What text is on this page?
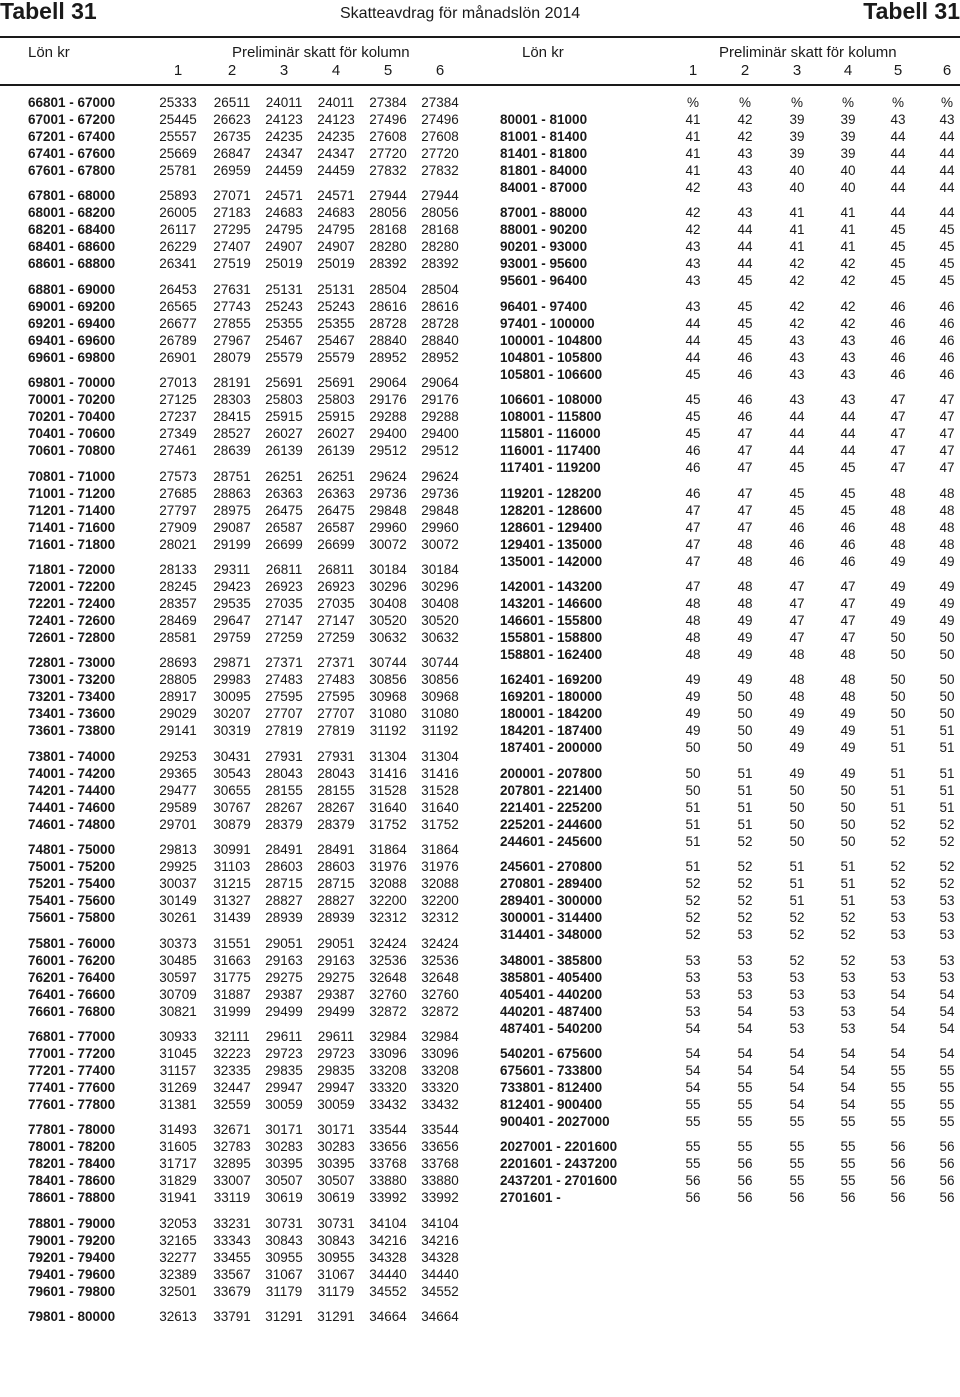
Tabell 31	Skatteavdrag för månadslön 2014	Tabell 31
Lön kr	Preliminär skatt för kolumn
1	2	3	4	5	6
Lön kr	Preliminär skatt för kolumn
1	2	3	4	5	6
66801 - 67000	25333	26511	24011	24011	27384	27384
67001 - 67200	25445	26623	24123	24123	27496	27496
67201 - 67400	25557	26735	24235	24235	27608	27608
67401 - 67600	25669	26847	24347	24347	27720	27720
67601 - 67800	25781	26959	24459	24459	27832	27832
67801 - 68000	25893	27071	24571	24571	27944	27944
68001 - 68200	26005	27183	24683	24683	28056	28056
68201 - 68400	26117	27295	24795	24795	28168	28168
68401 - 68600	26229	27407	24907	24907	28280	28280
68601 - 68800	26341	27519	25019	25019	28392	28392
68801 - 69000	26453	27631	25131	25131	28504	28504
69001 - 69200	26565	27743	25243	25243	28616	28616
69201 - 69400	26677	27855	25355	25355	28728	28728
69401 - 69600	26789	27967	25467	25467	28840	28840
69601 - 69800	26901	28079	25579	25579	28952	28952
69801 - 70000	27013	28191	25691	25691	29064	29064
70001 - 70200	27125	28303	25803	25803	29176	29176
70201 - 70400	27237	28415	25915	25915	29288	29288
70401 - 70600	27349	28527	26027	26027	29400	29400
70601 - 70800	27461	28639	26139	26139	29512	29512
70801 - 71000	27573	28751	26251	26251	29624	29624
71001 - 71200	27685	28863	26363	26363	29736	29736
71201 - 71400	27797	28975	26475	26475	29848	29848
71401 - 71600	27909	29087	26587	26587	29960	29960
71601 - 71800	28021	29199	26699	26699	30072	30072
71801 - 72000	28133	29311	26811	26811	30184	30184
72001 - 72200	28245	29423	26923	26923	30296	30296
72201 - 72400	28357	29535	27035	27035	30408	30408
72401 - 72600	28469	29647	27147	27147	30520	30520
72601 - 72800	28581	29759	27259	27259	30632	30632
72801 - 73000	28693	29871	27371	27371	30744	30744
73001 - 73200	28805	29983	27483	27483	30856	30856
73201 - 73400	28917	30095	27595	27595	30968	30968
73401 - 73600	29029	30207	27707	27707	31080	31080
73601 - 73800	29141	30319	27819	27819	31192	31192
73801 - 74000	29253	30431	27931	27931	31304	31304
74001 - 74200	29365	30543	28043	28043	31416	31416
74201 - 74400	29477	30655	28155	28155	31528	31528
74401 - 74600	29589	30767	28267	28267	31640	31640
74601 - 74800	29701	30879	28379	28379	31752	31752
74801 - 75000	29813	30991	28491	28491	31864	31864
75001 - 75200	29925	31103	28603	28603	31976	31976
75201 - 75400	30037	31215	28715	28715	32088	32088
75401 - 75600	30149	31327	28827	28827	32200	32200
75601 - 75800	30261	31439	28939	28939	32312	32312
75801 - 76000	30373	31551	29051	29051	32424	32424
76001 - 76200	30485	31663	29163	29163	32536	32536
76201 - 76400	30597	31775	29275	29275	32648	32648
76401 - 76600	30709	31887	29387	29387	32760	32760
76601 - 76800	30821	31999	29499	29499	32872	32872
76801 - 77000	30933	32111	29611	29611	32984	32984
77001 - 77200	31045	32223	29723	29723	33096	33096
77201 - 77400	31157	32335	29835	29835	33208	33208
77401 - 77600	31269	32447	29947	29947	33320	33320
77601 - 77800	31381	32559	30059	30059	33432	33432
77801 - 78000	31493	32671	30171	30171	33544	33544
78001 - 78200	31605	32783	30283	30283	33656	33656
78201 - 78400	31717	32895	30395	30395	33768	33768
78401 - 78600	31829	33007	30507	30507	33880	33880
78601 - 78800	31941	33119	30619	30619	33992	33992
78801 - 79000	32053	33231	30731	30731	34104	34104
79001 - 79200	32165	33343	30843	30843	34216	34216
79201 - 79400	32277	33455	30955	30955	34328	34328
79401 - 79600	32389	33567	31067	31067	34440	34440
79601 - 79800	32501	33679	31179	31179	34552	34552
79801 - 80000	32613	33791	31291	31291	34664	34664
%	%	%	%	%	%
80001 - 81000	41	42	39	39	43	43
81001 - 81400	41	42	39	39	44	44
81401 - 81800	41	43	39	39	44	44
81801 - 84000	41	43	40	40	44	44
84001 - 87000	42	43	40	40	44	44
87001 - 88000	42	43	41	41	44	44
88001 - 90200	42	44	41	41	45	45
90201 - 93000	43	44	41	41	45	45
93001 - 95600	43	44	42	42	45	45
95601 - 96400	43	45	42	42	45	45
96401 - 97400	43	45	42	42	46	46
97401 - 100000	44	45	42	42	46	46
100001 - 104800	44	45	43	43	46	46
104801 - 105800	44	46	43	43	46	46
105801 - 106600	45	46	43	43	46	46
106601 - 108000	45	46	43	43	47	47
108001 - 115800	45	46	44	44	47	47
115801 - 116000	45	47	44	44	47	47
116001 - 117400	46	47	44	44	47	47
117401 - 119200	46	47	45	45	47	47
119201 - 128200	46	47	45	45	48	48
128201 - 128600	47	47	45	45	48	48
128601 - 129400	47	47	46	46	48	48
129401 - 135000	47	48	46	46	48	48
135001 - 142000	47	48	46	46	49	49
142001 - 143200	47	48	47	47	49	49
143201 - 146600	48	48	47	47	49	49
146601 - 155800	48	49	47	47	49	49
155801 - 158800	48	49	47	47	50	50
158801 - 162400	48	49	48	48	50	50
162401 - 169200	49	49	48	48	50	50
169201 - 180000	49	50	48	48	50	50
180001 - 184200	49	50	49	49	50	50
184201 - 187400	49	50	49	49	51	51
187401 - 200000	50	50	49	49	51	51
200001 - 207800	50	51	49	49	51	51
207801 - 221400	50	51	50	50	51	51
221401 - 225200	51	51	50	50	51	51
225201 - 244600	51	51	50	50	52	52
244601 - 245600	51	52	50	50	52	52
245601 - 270800	51	52	51	51	52	52
270801 - 289400	52	52	51	51	52	52
289401 - 300000	52	52	51	51	53	53
300001 - 314400	52	52	52	52	53	53
314401 - 348000	52	53	52	52	53	53
348001 - 385800	53	53	52	52	53	53
385801 - 405400	53	53	53	53	53	53
405401 - 440200	53	53	53	53	54	54
440201 - 487400	53	54	53	53	54	54
487401 - 540200	54	54	53	53	54	54
540201 - 675600	54	54	54	54	54	54
675601 - 733800	54	54	54	54	55	55
733801 - 812400	54	55	54	54	55	55
812401 - 900400	55	55	54	54	55	55
900401 - 2027000	55	55	55	55	55	55
2027001 - 2201600	55	55	55	55	56	56
2201601 - 2437200	55	56	55	55	56	56
2437201 - 2701600	56	56	55	55	56	56
2701601 -	56	56	56	56	56	56
